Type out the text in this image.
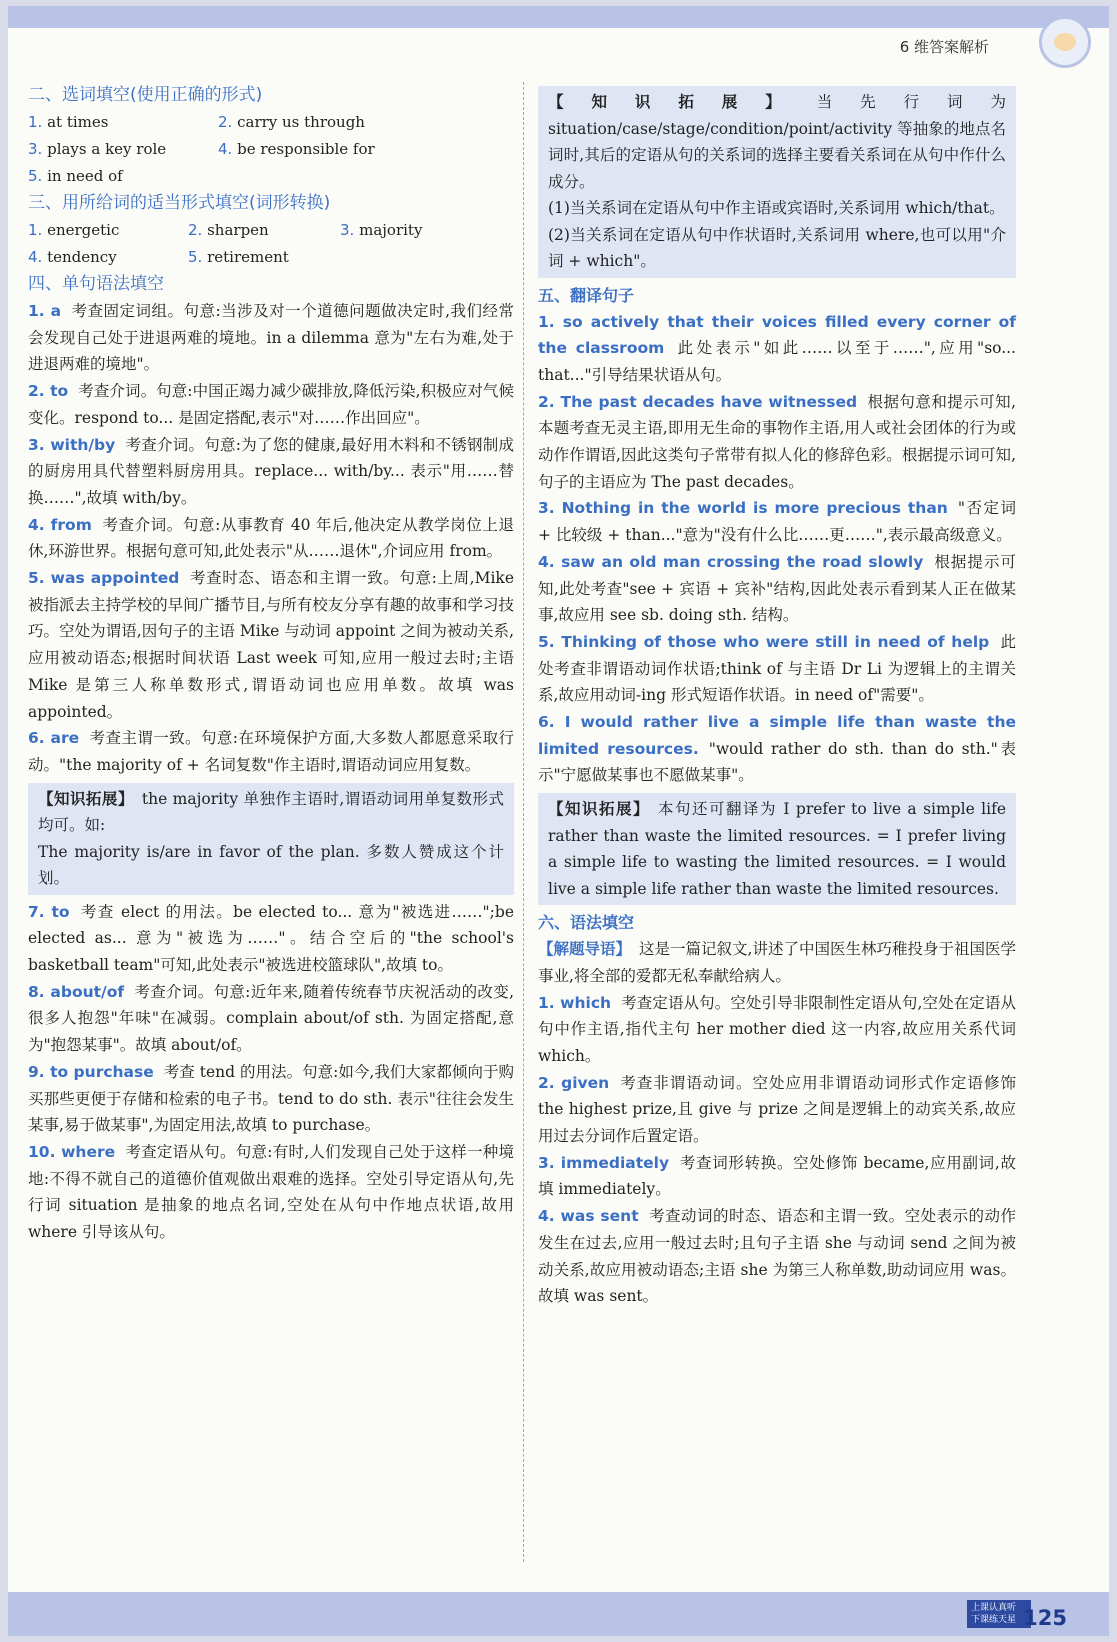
6 维答案解析
二、选词填空(使用正确的形式)
1. at times	2. carry us through
3. plays a key role	4. be responsible for
5. in need of
三、用所给词的适当形式填空(词形转换)
1. energetic	2. sharpen	3. majority
4. tendency	5. retirement
四、单句语法填空

1. a 考查固定词组。句意:当涉及对一个道德问题做决定时,我们经常会发现自己处于进退两难的境地。in a dilemma 意为"左右为难,处于进退两难的境地"。

2. to 考查介词。句意:中国正竭力减少碳排放,降低污染,积极应对气候变化。respond to... 是固定搭配,表示"对……作出回应"。

3. with/by 考查介词。句意:为了您的健康,最好用木料和不锈钢制成的厨房用具代替塑料厨房用具。replace... with/by... 表示"用……替换……",故填 with/by。

4. from 考查介词。句意:从事教育 40 年后,他决定从教学岗位上退休,环游世界。根据句意可知,此处表示"从……退休",介词应用 from。

5. was appointed 考查时态、语态和主谓一致。句意:上周,Mike 被指派去主持学校的早间广播节目,与所有校友分享有趣的故事和学习技巧。空处为谓语,因句子的主语 Mike 与动词 appoint 之间为被动关系,应用被动语态;根据时间状语 Last week 可知,应用一般过去时;主语 Mike 是第三人称单数形式,谓语动词也应用单数。故填 was appointed。

6. are 考查主谓一致。句意:在环境保护方面,大多数人都愿意采取行动。"the majority of + 名词复数"作主语时,谓语动词应用复数。

【知识拓展】 the majority 单独作主语时,谓语动词用单复数形式均可。如:

The majority is/are in favor of the plan. 多数人赞成这个计划。

7. to 考查 elect 的用法。be elected to... 意为"被选进……";be elected as... 意为"被选为……"。结合空后的"the school's basketball team"可知,此处表示"被选进校篮球队",故填 to。

8. about/of 考查介词。句意:近年来,随着传统春节庆祝活动的改变,很多人抱怨"年味"在减弱。complain about/of sth. 为固定搭配,意为"抱怨某事"。故填 about/of。

9. to purchase 考查 tend 的用法。句意:如今,我们大家都倾向于购买那些更便于存储和检索的电子书。tend to do sth. 表示"往往会发生某事,易于做某事",为固定用法,故填 to purchase。

10. where 考查定语从句。句意:有时,人们发现自己处于这样一种境地:不得不就自己的道德价值观做出艰难的选择。空处引导定语从句,先行词 situation 是抽象的地点名词,空处在从句中作地点状语,故用 where 引导该从句。

【知识拓展】 当先行词为 situation/case/stage/condition/point/activity 等抽象的地点名词时,其后的定语从句的关系词的选择主要看关系词在从句中作什么成分。

(1)当关系词在定语从句中作主语或宾语时,关系词用 which/that。

(2)当关系词在定语从句中作状语时,关系词用 where,也可以用"介词 + which"。

五、翻译句子

1. so actively that their voices filled every corner of the classroom 此处表示"如此……以至于……",应用"so... that..."引导结果状语从句。

2. The past decades have witnessed 根据句意和提示可知,本题考查无灵主语,即用无生命的事物作主语,用人或社会团体的行为或动作作谓语,因此这类句子常带有拟人化的修辞色彩。根据提示词可知,句子的主语应为 The past decades。

3. Nothing in the world is more precious than "否定词 + 比较级 + than..."意为"没有什么比……更……",表示最高级意义。

4. saw an old man crossing the road slowly 根据提示可知,此处考查"see + 宾语 + 宾补"结构,因此处表示看到某人正在做某事,故应用 see sb. doing sth. 结构。

5. Thinking of those who were still in need of help 此处考查非谓语动词作状语;think of 与主语 Dr Li 为逻辑上的主谓关系,故应用动词-ing 形式短语作状语。in need of"需要"。

6. I would rather live a simple life than waste the limited resources. "would rather do sth. than do sth."表示"宁愿做某事也不愿做某事"。

【知识拓展】 本句还可翻译为 I prefer to live a simple life rather than waste the limited resources. = I prefer living a simple life to wasting the limited resources. = I would live a simple life rather than waste the limited resources.

六、语法填空

【解题导语】 这是一篇记叙文,讲述了中国医生林巧稚投身于祖国医学事业,将全部的爱都无私奉献给病人。

1. which 考查定语从句。空处引导非限制性定语从句,空处在定语从句中作主语,指代主句 her mother died 这一内容,故应用关系代词 which。

2. given 考查非谓语动词。空处应用非谓语动词形式作定语修饰 the highest prize,且 give 与 prize 之间是逻辑上的动宾关系,故应用过去分词作后置定语。

3. immediately 考查词形转换。空处修饰 became,应用副词,故填 immediately。

4. was sent 考查动词的时态、语态和主谓一致。空处表示的动作发生在过去,应用一般过去时;且句子主语 she 与动词 send 之间为被动关系,故应用被动语态;主语 she 为第三人称单数,助动词应用 was。故填 was sent。

上课认真听 下课练天星 125
